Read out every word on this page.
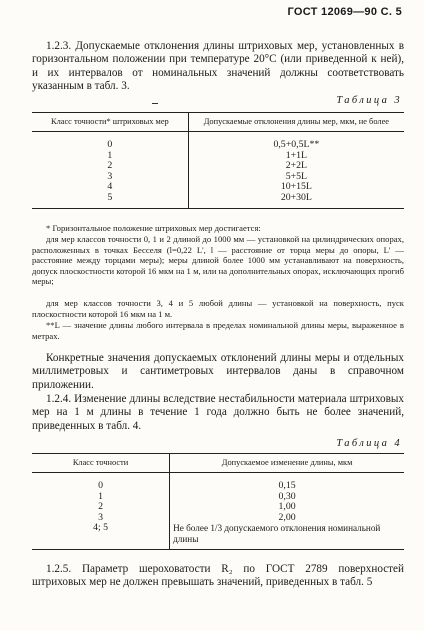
ГОСТ 12069—90 С. 5
1.2.3. Допускаемые отклонения длины штриховых мер, установленных в горизонтальном положении при температуре 20°С (или приведенной к ней), и их интервалов от номинальных значений должны соответствовать указанным в табл. 3.
Таблица 3
Класс точности* штриховых мер	Допускаемые отклонения длины мер, мкм, не более
0	0,5+0,5L**
1	1+1L
2	2+2L
3	5+5L
4	10+15L
5	20+30L
* Горизонтальное положение штриховых мер достигается:
для мер классов точности 0, 1 и 2 длиной до 1000 мм — установкой на цилиндрических опорах, расположенных в точках Бесселя (l=0,22 L', l — расстояние от торца меры до опоры, L' — расстояние между торцами меры); меры длиной более 1000 мм устанавливают на поверхность, допуск плоскостности которой 16 мкм на 1 м, или на дополнительных опорах, исключающих прогиб меры;
для мер классов точности 3, 4 и 5 любой длины — установкой на поверхность, пуск плоскостности которой 16 мкм на 1 м.
**L — значение длины любого интервала в пределах номинальной длины меры, выраженное в метрах.
Конкретные значения допускаемых отклонений длины меры и отдельных миллиметровых и сантиметровых интервалов даны в справочном приложении.
1.2.4. Изменение длины вследствие нестабильности материала штриховых мер на 1 м длины в течение 1 года должно быть не более значений, приведенных в табл. 4.
Таблица 4
Класс точности	Допускаемое изменение длины, мкм
0	0,15
1	0,30
2	1,00
3	2,00
4; 5	Не более 1/3 допускаемого отклонения номинальной длины
1.2.5. Параметр шероховатости R₂ по ГОСТ 2789 поверхностей штриховых мер не должен превышать значений, приведенных в табл. 5
